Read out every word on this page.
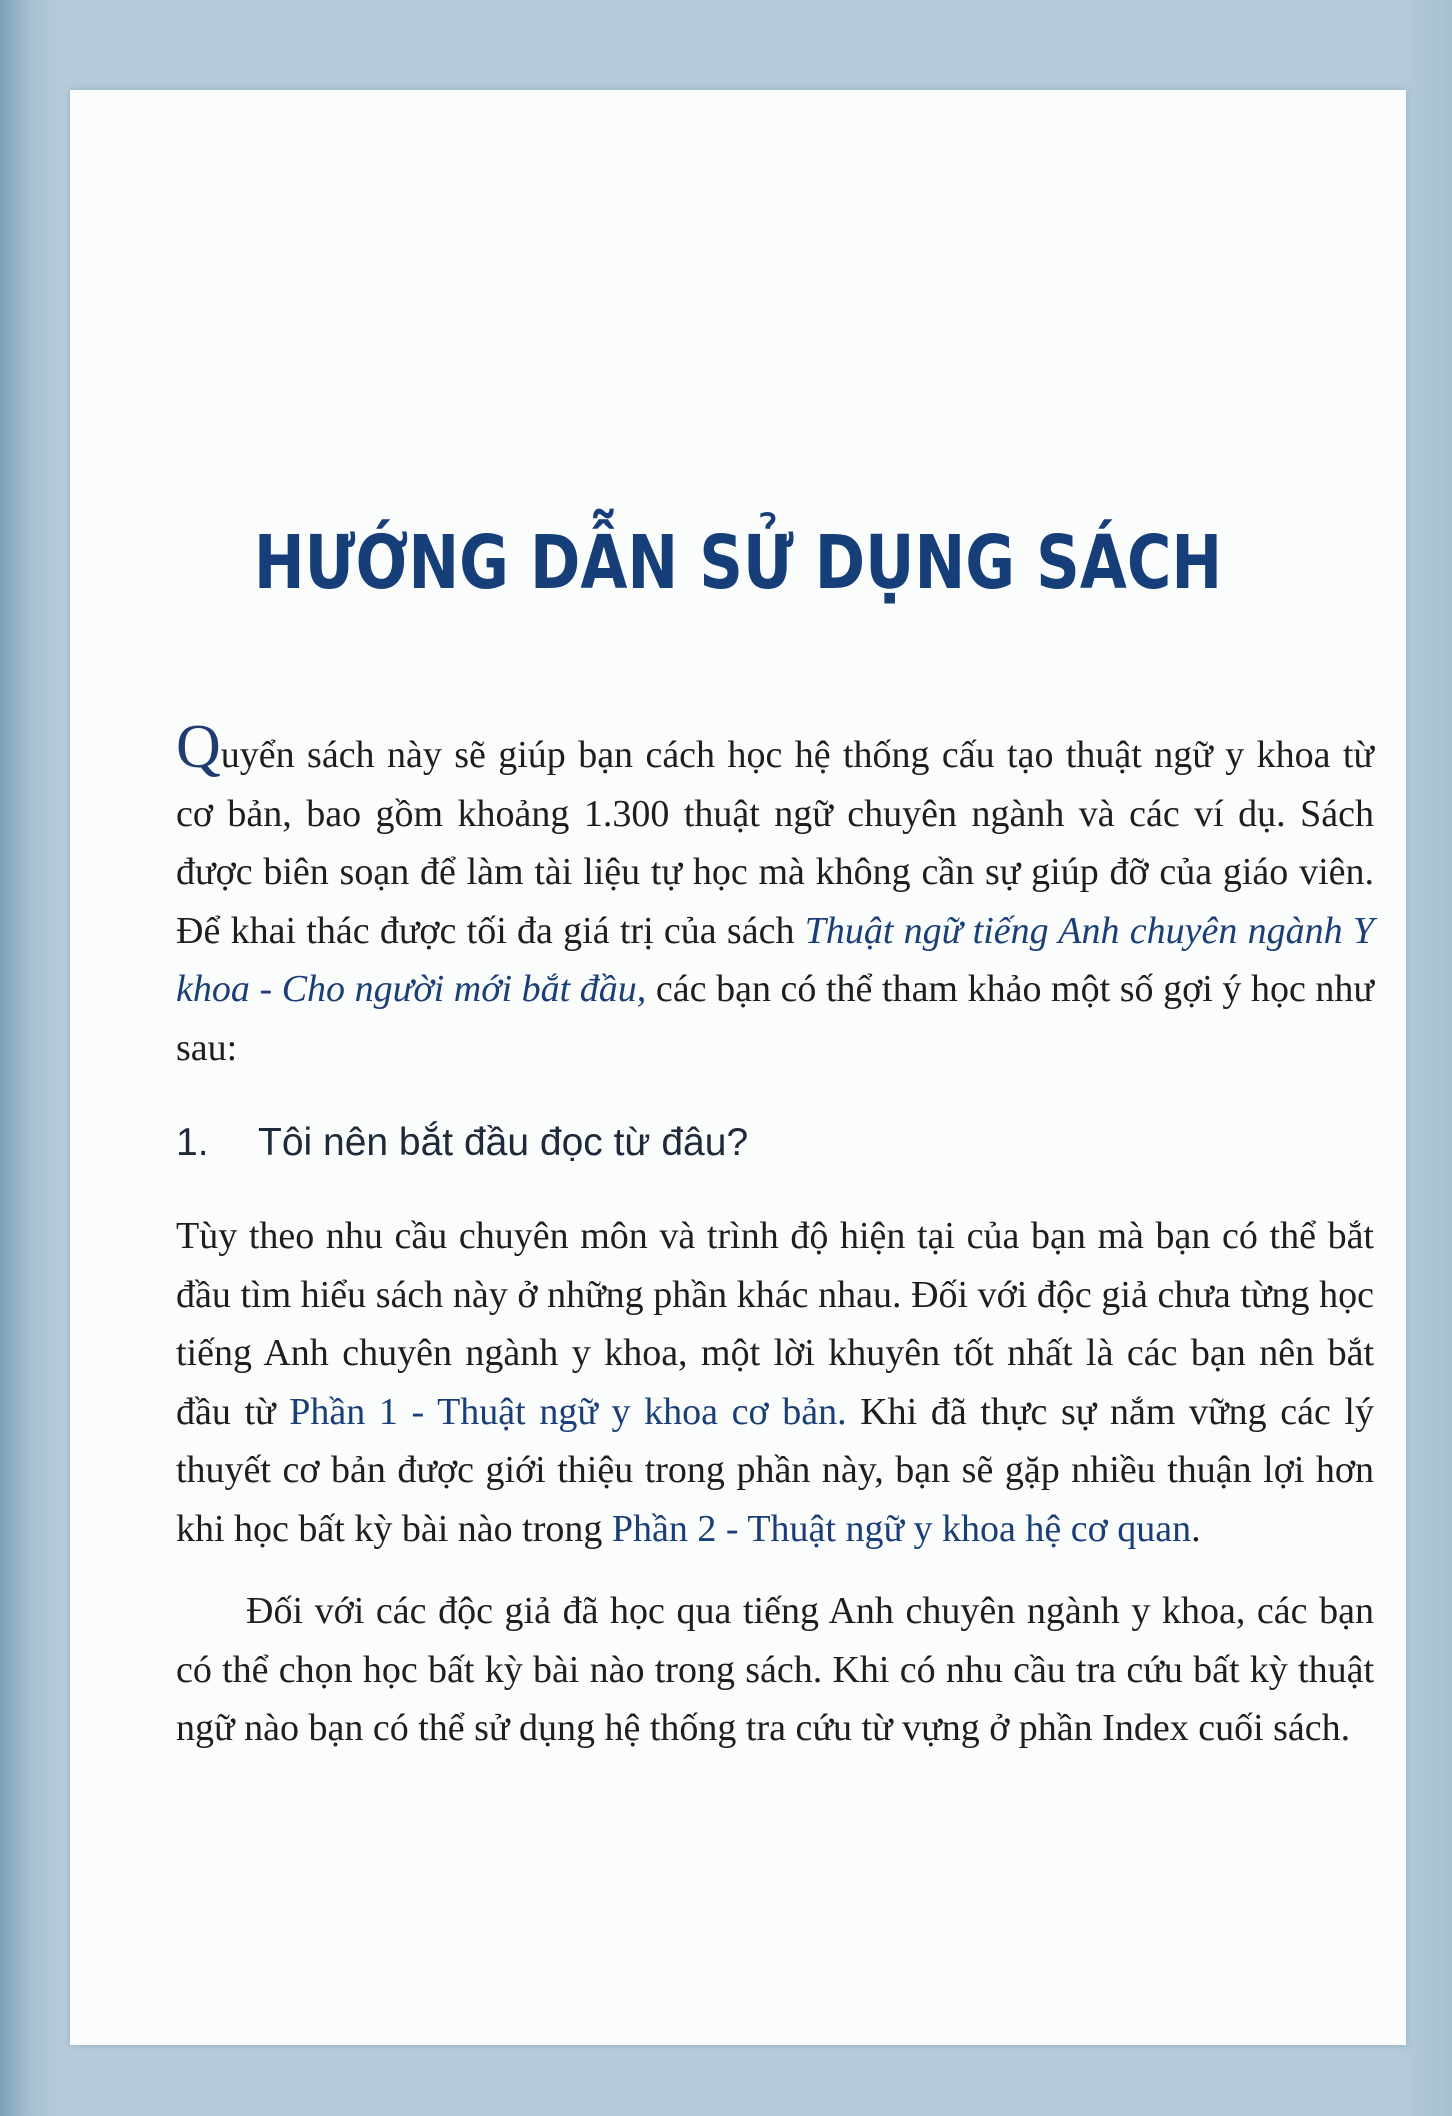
HƯỚNG DẪN SỬ DỤNG SÁCH

Quyển sách này sẽ giúp bạn cách học hệ thống cấu tạo thuật ngữ y khoa từ cơ bản, bao gồm khoảng 1.300 thuật ngữ chuyên ngành và các ví dụ. Sách được biên soạn để làm tài liệu tự học mà không cần sự giúp đỡ của giáo viên. Để khai thác được tối đa giá trị của sách Thuật ngữ tiếng Anh chuyên ngành Y khoa - Cho người mới bắt đầu, các bạn có thể tham khảo một số gợi ý học như sau:

1. Tôi nên bắt đầu đọc từ đâu?

Tùy theo nhu cầu chuyên môn và trình độ hiện tại của bạn mà bạn có thể bắt đầu tìm hiểu sách này ở những phần khác nhau. Đối với độc giả chưa từng học tiếng Anh chuyên ngành y khoa, một lời khuyên tốt nhất là các bạn nên bắt đầu từ Phần 1 - Thuật ngữ y khoa cơ bản. Khi đã thực sự nắm vững các lý thuyết cơ bản được giới thiệu trong phần này, bạn sẽ gặp nhiều thuận lợi hơn khi học bất kỳ bài nào trong Phần 2 - Thuật ngữ y khoa hệ cơ quan.

Đối với các độc giả đã học qua tiếng Anh chuyên ngành y khoa, các bạn có thể chọn học bất kỳ bài nào trong sách. Khi có nhu cầu tra cứu bất kỳ thuật ngữ nào bạn có thể sử dụng hệ thống tra cứu từ vựng ở phần Index cuối sách.
